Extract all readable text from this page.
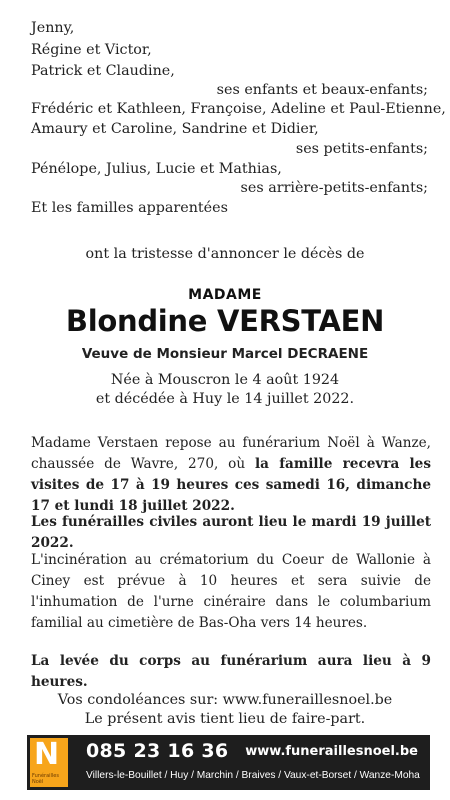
Jenny,
Régine et Victor,
Patrick et Claudine,
ses enfants et beaux-enfants;
Frédéric et Kathleen, Françoise, Adeline et Paul-Etienne,
Amaury et Caroline, Sandrine et Didier,
ses petits-enfants;
Pénélope, Julius, Lucie et Mathias,
ses arrière-petits-enfants;
Et les familles apparentées
ont la tristesse d'annoncer le décès de
MADAME
Blondine VERSTAEN
Veuve de Monsieur Marcel DECRAENE
Née à Mouscron le 4 août 1924
et décédée à Huy le 14 juillet 2022.
Madame Verstaen repose au funérarium Noël à Wanze, chaussée de Wavre, 270, où la famille recevra les visites de 17 à 19 heures ces samedi 16, dimanche 17 et lundi 18 juillet 2022.
Les funérailles civiles auront lieu le mardi 19 juillet 2022.
L'incinération au crématorium du Coeur de Wallonie à Ciney est prévue à 10 heures et sera suivie de l'inhumation de l'urne cinéraire dans le columbarium familial au cimetière de Bas-Oha vers 14 heures.
La levée du corps au funérarium aura lieu à 9 heures.
Vos condoléances sur: www.funeraillesnoel.be
Le présent avis tient lieu de faire-part.
N
Funérailles Noël
085 23 16 36 www.funeraillesnoel.be
Villers-le-Bouillet / Huy / Marchin / Braives / Vaux-et-Borset / Wanze-Moha
